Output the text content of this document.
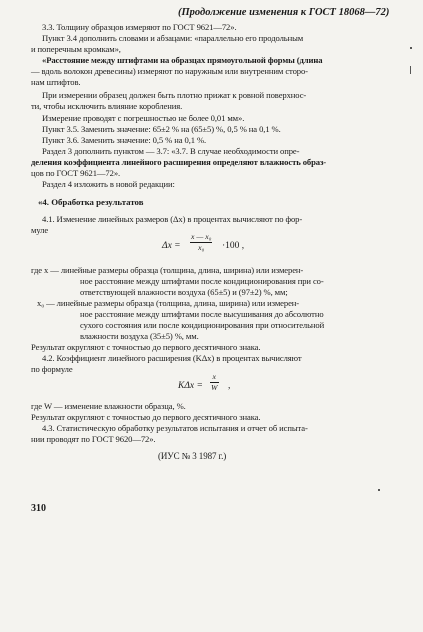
(Продолжение изменения к ГОСТ 18068—72)
3.3. Толщину образцов измеряют по ГОСТ 9621—72».
Пункт 3.4 дополнить словами и абзацами: «параллельно его продольным
и поперечным кромкам»,
«Расстояние между штифтами на образцах прямоугольной формы (длина
— вдоль волокон древесины) измеряют по наружным или внутренним сторо-
нам штифтов.
При измерении образец должен быть плотно прижат к ровной поверхнос-
ти, чтобы исключить влияние коробления.
Измерение проводят с погрешностью не более 0,01 мм».
Пункт 3.5. Заменить значение: 65±2 % на (65±5) %, 0,5 % на 0,1 %.
Пункт 3.6. Заменить значение: 0,5 % на 0,1 %.
Раздел 3 дополнить пунктом — 3.7: «3.7. В случае необходимости опре-
деления коэффициента линейного расширения определяют влажность образ-
цов по ГОСТ 9621—72».
Раздел 4 изложить в новой редакции:
«4. Обработка результатов
4.1. Изменение линейных размеров (Δx) в процентах вычисляют по фор-
муле
Δx =
x — x₀
x₀ ·100 ,
где x — линейные размеры образца (толщина, длина, ширина) или измерен-
ное расстояние между штифтами после кондиционирования при со-
ответствующей влажности воздуха (65±5) и (97±2) %, мм;
x₀ — линейные размеры образца (толщина, длина, ширина) или измерен-
ное расстояние между штифтами после высушивания до абсолютно
сухого состояния или после кондиционирования при относительной
влажности воздуха (35±5) %, мм.
Результат округляют с точностью до первого десятичного знака.
4.2. Коэффициент линейного расширения (KΔx) в процентах вычисляют
по формуле
KΔx =
x
W ,
где W — изменение влажности образца, %.
Результат округляют с точностью до первого десятичного знака.
4.3. Статистическую обработку результатов испытания и отчет об испыта-
нии проводят по ГОСТ 9620—72».
(ИУС № 3 1987 г.)
310
